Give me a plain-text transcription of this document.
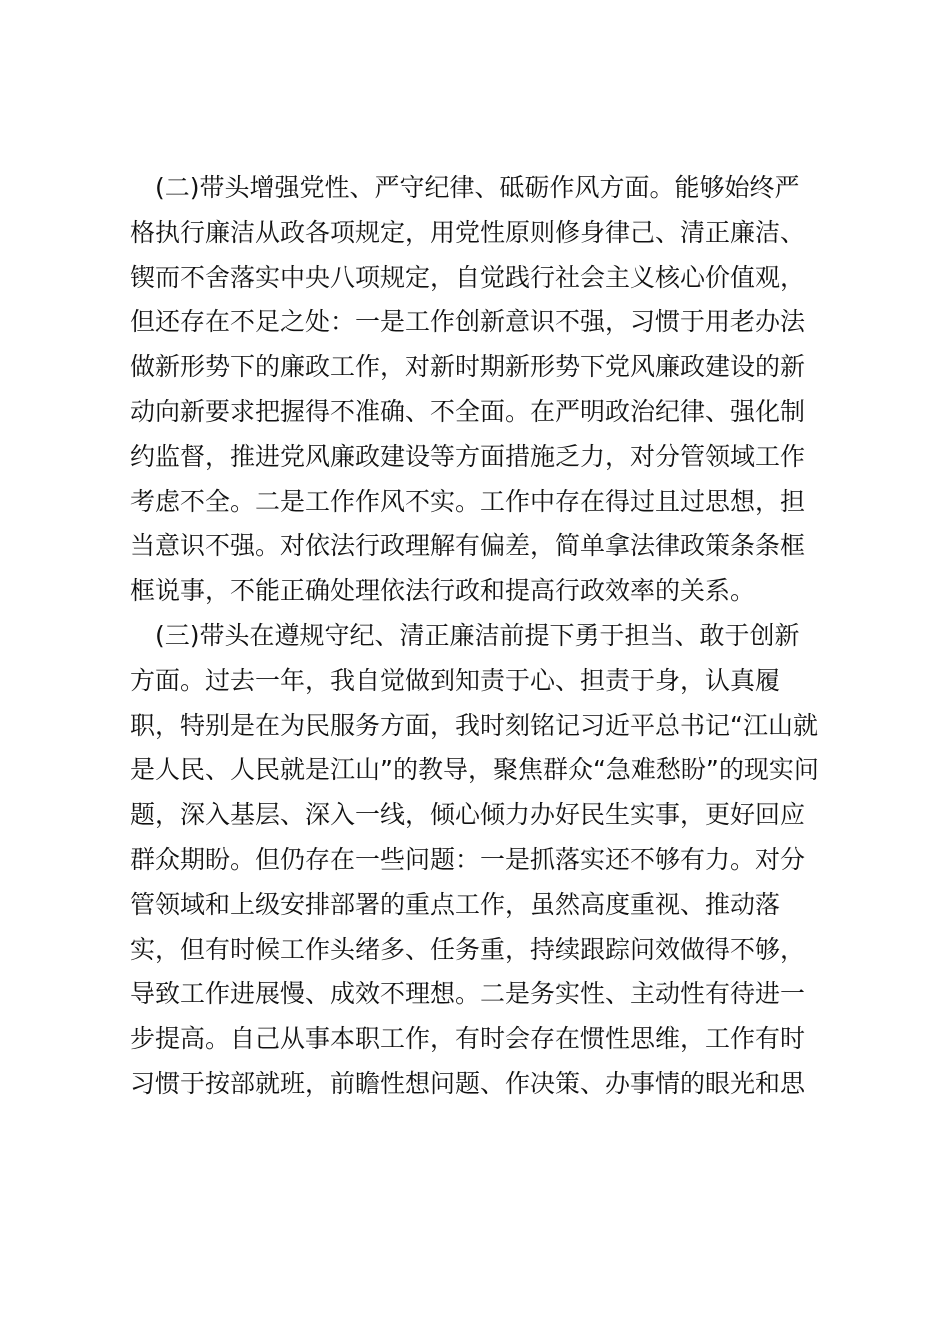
　(二)带头增强党性、严守纪律、砥砺作风方面。能够始终严
格执行廉洁从政各项规定，用党性原则修身律己、清正廉洁、
锲而不舍落实中央八项规定，自觉践行社会主义核心价值观，
但还存在不足之处：一是工作创新意识不强，习惯于用老办法
做新形势下的廉政工作，对新时期新形势下党风廉政建设的新
动向新要求把握得不准确、不全面。在严明政治纪律、强化制
约监督，推进党风廉政建设等方面措施乏力，对分管领域工作
考虑不全。二是工作作风不实。工作中存在得过且过思想，担
当意识不强。对依法行政理解有偏差，简单拿法律政策条条框
框说事，不能正确处理依法行政和提高行政效率的关系。
　(三)带头在遵规守纪、清正廉洁前提下勇于担当、敢于创新
方面。过去一年，我自觉做到知责于心、担责于身，认真履
职，特别是在为民服务方面，我时刻铭记习近平总书记“江山就
是人民、人民就是江山”的教导，聚焦群众“急难愁盼”的现实问
题，深入基层、深入一线，倾心倾力办好民生实事，更好回应
群众期盼。但仍存在一些问题：一是抓落实还不够有力。对分
管领域和上级安排部署的重点工作，虽然高度重视、推动落
实，但有时候工作头绪多、任务重，持续跟踪问效做得不够，
导致工作进展慢、成效不理想。二是务实性、主动性有待进一
步提高。自己从事本职工作，有时会存在惯性思维，工作有时
习惯于按部就班，前瞻性想问题、作决策、办事情的眼光和思
